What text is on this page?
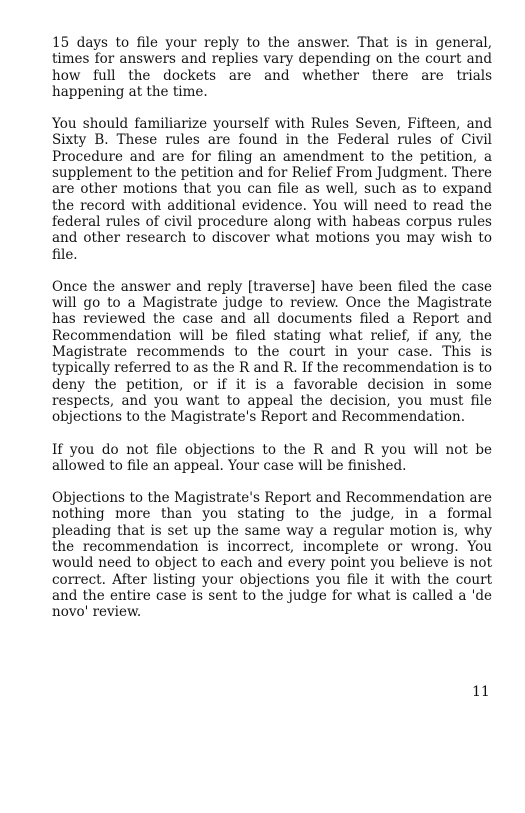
15 days to file your reply to the answer. That is in general, times for answers and replies vary depending on the court and how full the dockets are and whether there are trials happening at the time.

You should familiarize yourself with Rules Seven, Fifteen, and Sixty B. These rules are found in the Federal rules of Civil Procedure and are for filing an amendment to the petition, a supplement to the petition and for Relief From Judgment. There are other motions that you can file as well, such as to expand the record with additional evidence. You will need to read the federal rules of civil procedure along with habeas corpus rules and other research to discover what motions you may wish to file.

Once the answer and reply [traverse] have been filed the case will go to a Magistrate judge to review. Once the Magistrate has reviewed the case and all documents filed a Report and Recommendation will be filed stating what relief, if any, the Magistrate recommends to the court in your case. This is typically referred to as the R and R. If the recommendation is to deny the petition, or if it is a favorable decision in some respects, and you want to appeal the decision, you must file objections to the Magistrate's Report and Recommendation.

If you do not file objections to the R and R you will not be allowed to file an appeal. Your case will be finished.

Objections to the Magistrate's Report and Recommendation are nothing more than you stating to the judge, in a formal pleading that is set up the same way a regular motion is, why the recommendation is incorrect, incomplete or wrong. You would need to object to each and every point you believe is not correct. After listing your objections you file it with the court and the entire case is sent to the judge for what is called a 'de novo' review.

11
